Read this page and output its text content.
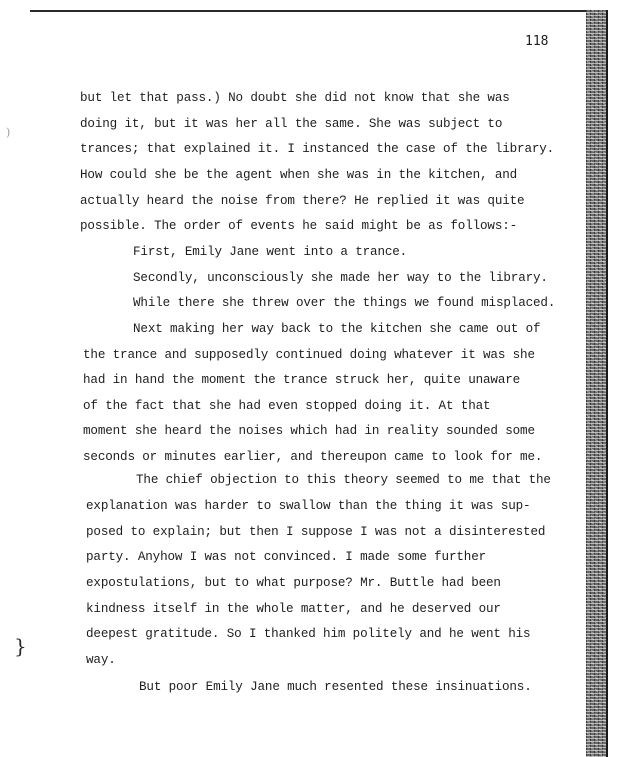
118
)
}
but let that pass.) No doubt she did not know that she was
doing it, but it was her all the same. She was subject to
trances; that explained it. I instanced the case of the library.
How could she be the agent when she was in the kitchen, and
actually heard the noise from there? He replied it was quite
possible. The order of events he said might be as follows:-
First, Emily Jane went into a trance.
Secondly, unconsciously she made her way to the library.
While there she threw over the things we found misplaced.
Next making her way back to the kitchen she came out of
the trance and supposedly continued doing whatever it was she
had in hand the moment the trance struck her, quite unaware
of the fact that she had even stopped doing it. At that
moment she heard the noises which had in reality sounded some
seconds or minutes earlier, and thereupon came to look for me.
The chief objection to this theory seemed to me that the
explanation was harder to swallow than the thing it was sup-
posed to explain; but then I suppose I was not a disinterested
party. Anyhow I was not convinced. I made some further
expostulations, but to what purpose? Mr. Buttle had been
kindness itself in the whole matter, and he deserved our
deepest gratitude. So I thanked him politely and he went his
way.
But poor Emily Jane much resented these insinuations.
